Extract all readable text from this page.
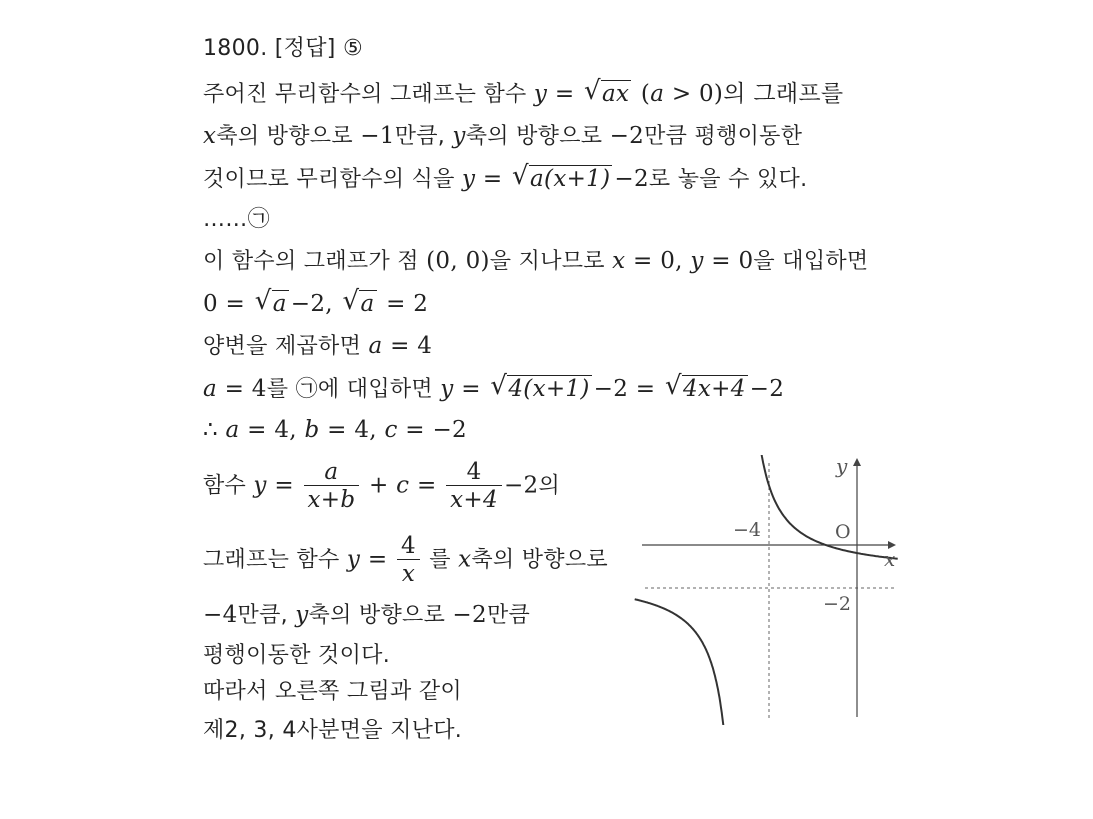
1800. [정답] ⑤
주어진 무리함수의 그래프는 함수 y = √ ax (a > 0)의 그래프를
x축의 방향으로 −1만큼, y축의 방향으로 −2만큼 평행이동한
것이므로 무리함수의 식을 y = √ a(x+1) −2로 놓을 수 있다.
……㉠
이 함수의 그래프가 점 (0, 0)을 지나므로 x = 0, y = 0을 대입하면
0 = √ a −2, √ a = 2
양변을 제곱하면 a = 4
a = 4를 ㉠에 대입하면 y = √ 4(x+1) −2 = √ 4x+4 −2
∴ a = 4, b = 4, c = −2
함수 $y = \frac{a}{x+b} + c = \frac{4}{x+4} -2$의
그래프는 함수 $y = \frac{4}{x}$ 를 x축의 방향으로
−4만큼, y축의 방향으로 −2만큼
평행이동한 것이다.
따라서 오른쪽 그림과 같이
제2, 3, 4사분면을 지난다.
y
x
O
−4
−2
